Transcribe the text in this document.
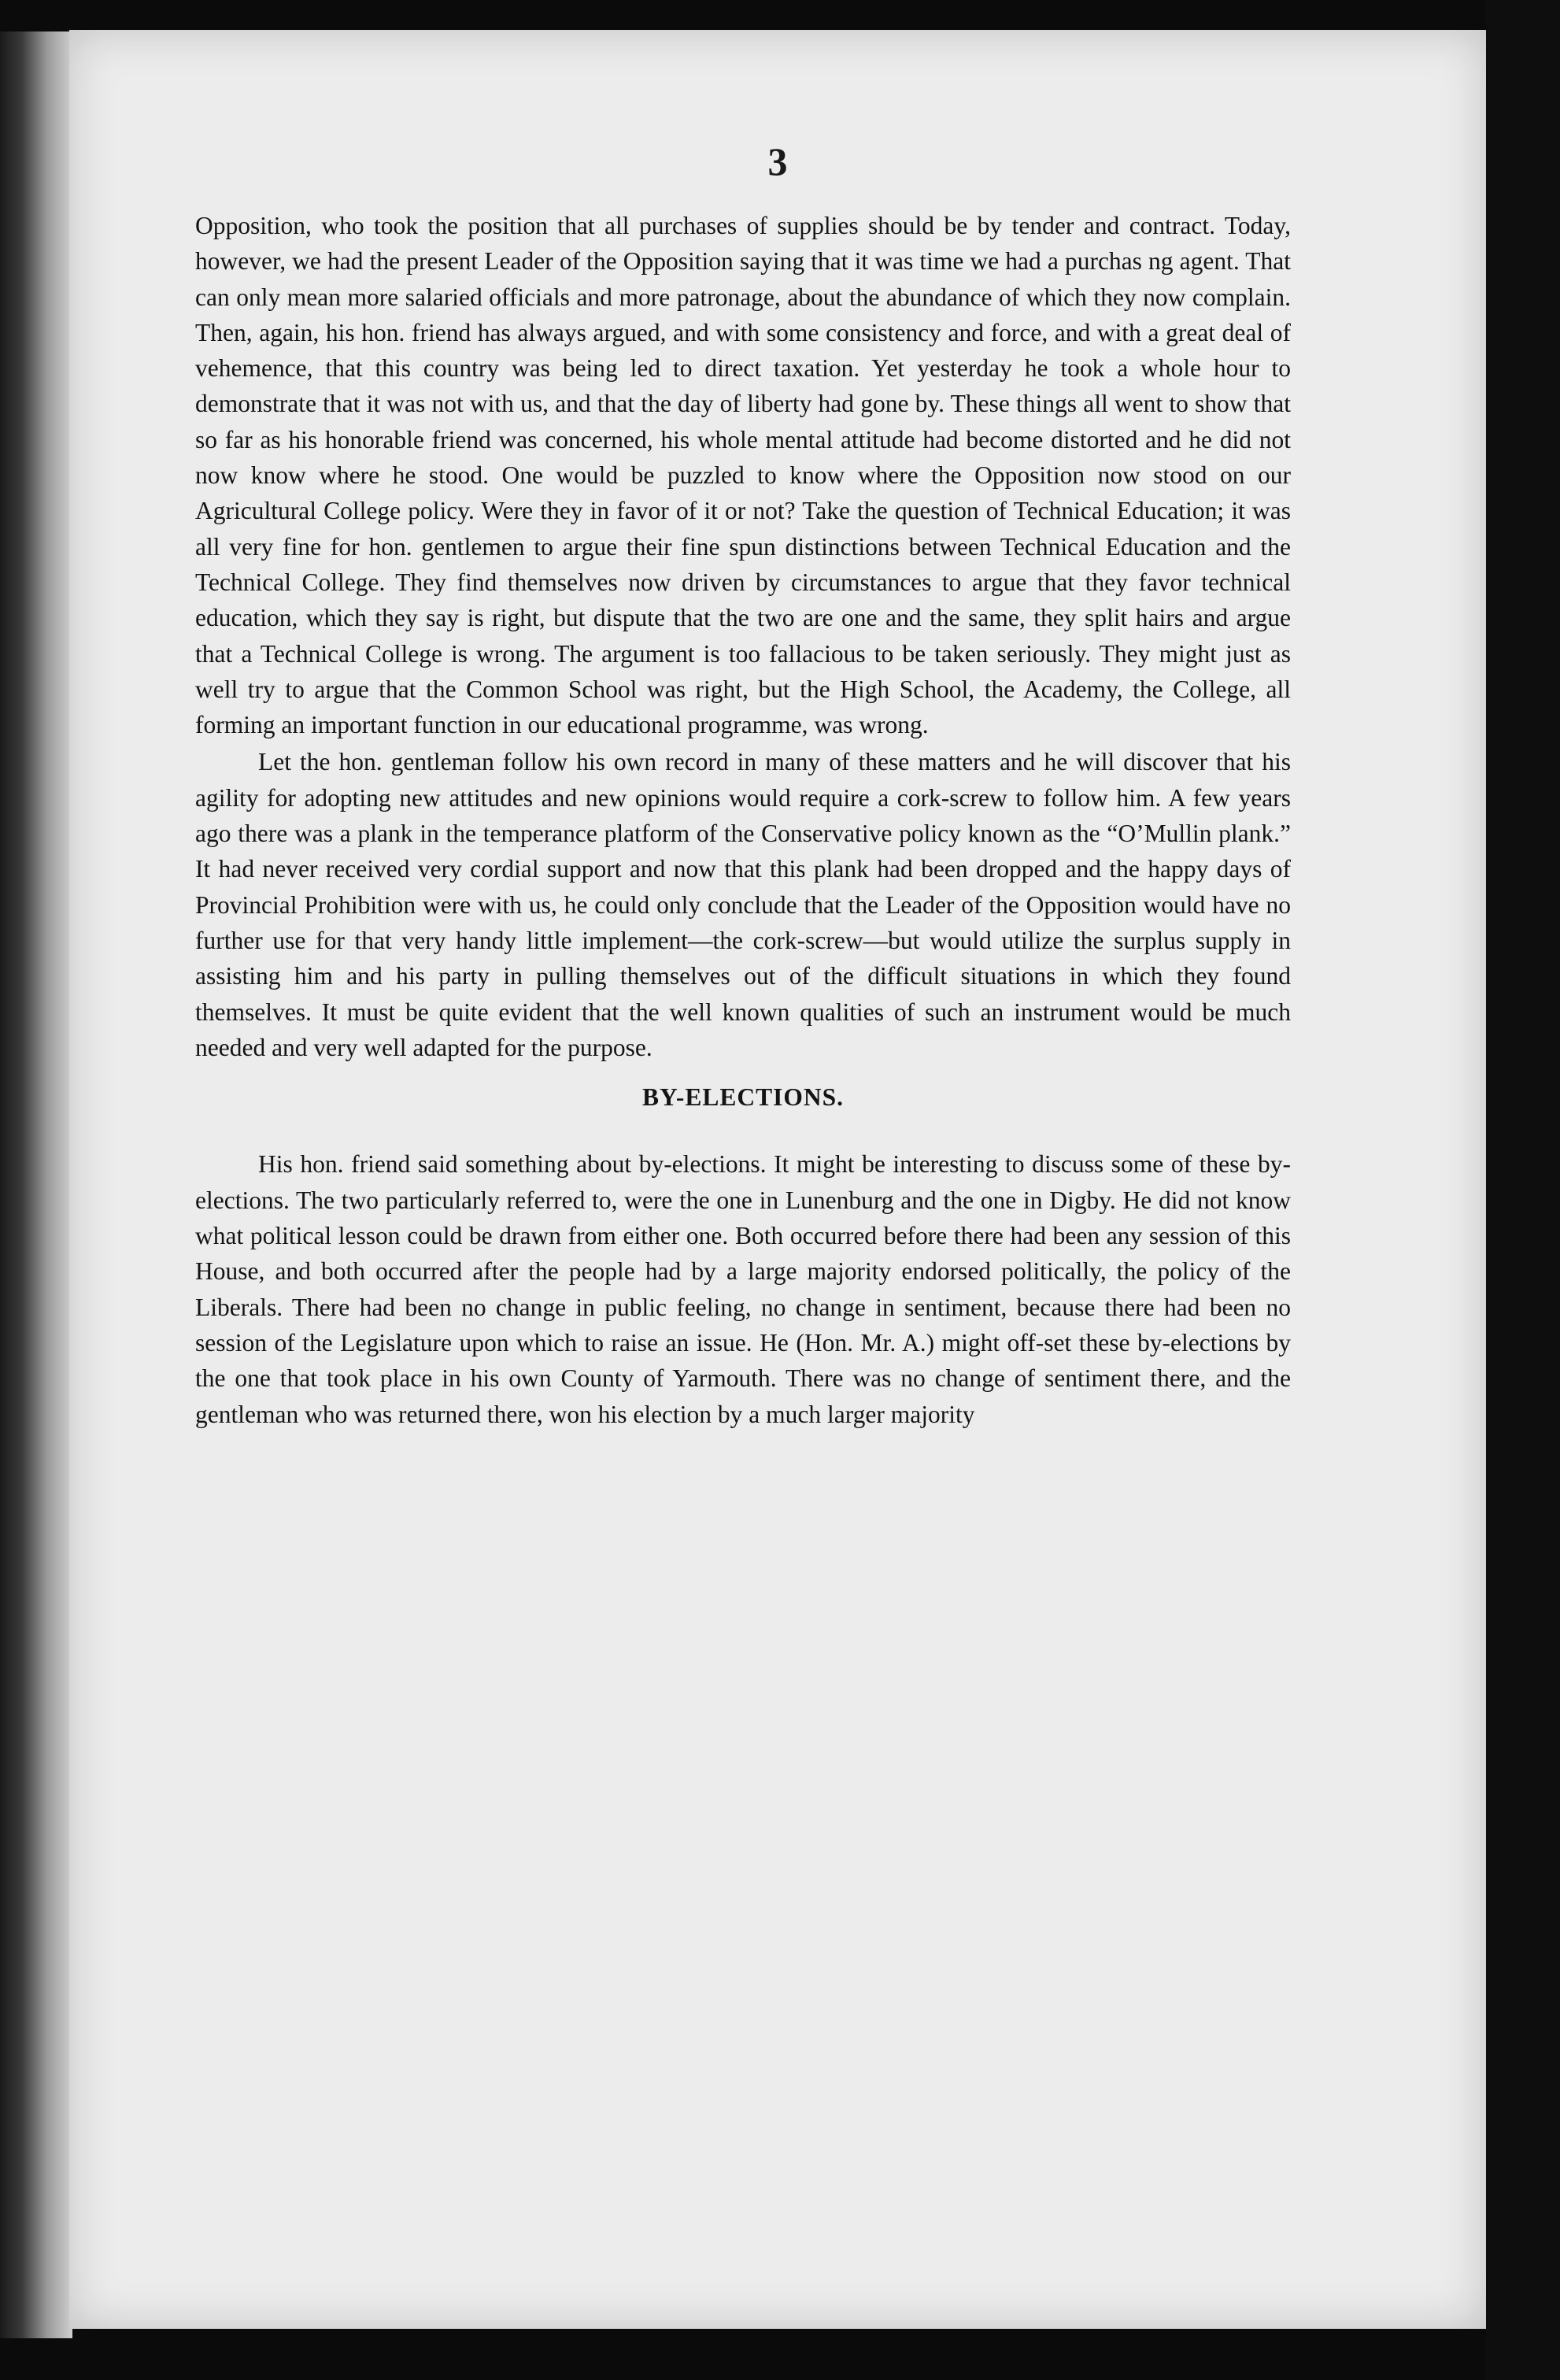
3

Opposition, who took the position that all purchases of supplies should be by tender and contract. Today, however, we had the present Leader of the Opposition saying that it was time we had a purchas ng agent. That can only mean more salaried officials and more patronage, about the abundance of which they now complain. Then, again, his hon. friend has always argued, and with some consistency and force, and with a great deal of vehemence, that this country was being led to direct taxation. Yet yesterday he took a whole hour to demonstrate that it was not with us, and that the day of liberty had gone by. These things all went to show that so far as his honorable friend was concerned, his whole mental attitude had become distorted and he did not now know where he stood. One would be puzzled to know where the Opposition now stood on our Agricultural College policy. Were they in favor of it or not? Take the question of Technical Education; it was all very fine for hon. gentlemen to argue their fine spun distinctions between Technical Education and the Technical College. They find themselves now driven by circumstances to argue that they favor technical education, which they say is right, but dispute that the two are one and the same, they split hairs and argue that a Technical College is wrong. The argument is too fallacious to be taken seriously. They might just as well try to argue that the Common School was right, but the High School, the Academy, the College, all forming an important function in our educational programme, was wrong.

Let the hon. gentleman follow his own record in many of these matters and he will discover that his agility for adopting new attitudes and new opinions would require a cork-screw to follow him. A few years ago there was a plank in the temperance platform of the Conservative policy known as the “O’Mullin plank.” It had never received very cordial support and now that this plank had been dropped and the happy days of Provincial Prohibition were with us, he could only conclude that the Leader of the Opposition would have no further use for that very handy little implement—the cork-screw—but would utilize the surplus supply in assisting him and his party in pulling themselves out of the difficult situations in which they found themselves. It must be quite evident that the well known qualities of such an instrument would be much needed and very well adapted for the purpose.

BY-ELECTIONS.

His hon. friend said something about by-elections. It might be interesting to discuss some of these by-elections. The two particularly referred to, were the one in Lunenburg and the one in Digby. He did not know what political lesson could be drawn from either one. Both occurred before there had been any session of this House, and both occurred after the people had by a large majority endorsed politically, the policy of the Liberals. There had been no change in public feeling, no change in sentiment, because there had been no session of the Legislature upon which to raise an issue. He (Hon. Mr. A.) might off-set these by-elections by the one that took place in his own County of Yarmouth. There was no change of sentiment there, and the gentleman who was returned there, won his election by a much larger majority
